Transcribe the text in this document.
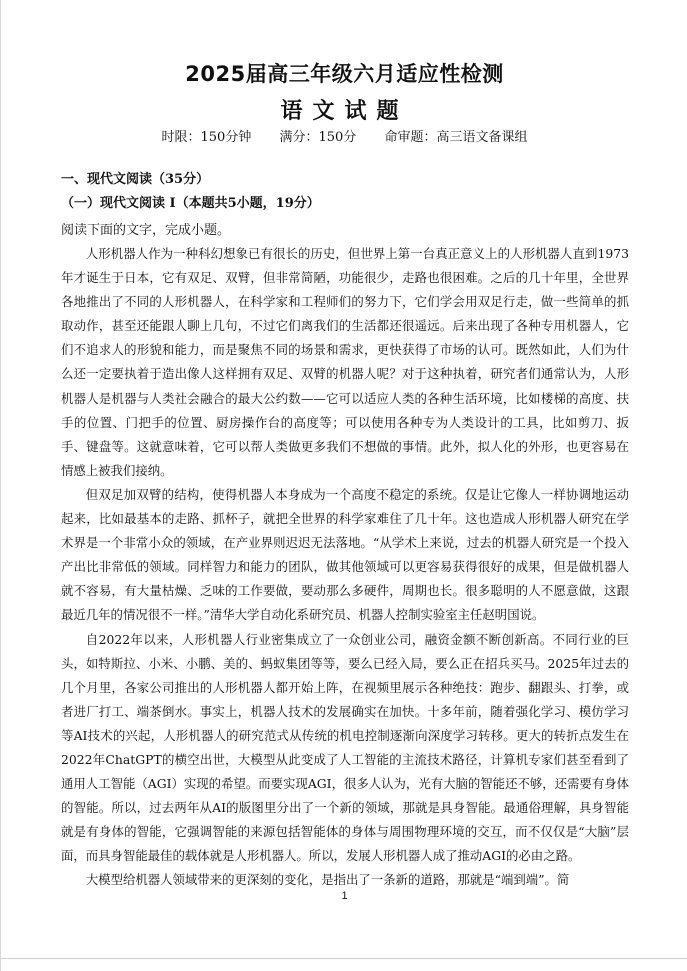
2025届高三年级六月适应性检测
语文试题
时限：150分钟 满分：150分 命审题：高三语文备课组
一、现代文阅读（35分）
（一）现代文阅读 Ⅰ（本题共5小题，19分）
阅读下面的文字，完成小题。

人形机器人作为一种科幻想象已有很长的历史，但世界上第一台真正意义上的人形机器人直到1973年才诞生于日本，它有双足、双臂，但非常简陋，功能很少，走路也很困难。之后的几十年里，全世界各地推出了不同的人形机器人，在科学家和工程师们的努力下，它们学会用双足行走，做一些简单的抓取动作，甚至还能跟人聊上几句，不过它们离我们的生活都还很遥远。后来出现了各种专用机器人，它们不追求人的形貌和能力，而是聚焦不同的场景和需求，更快获得了市场的认可。既然如此，人们为什么还一定要执着于造出像人这样拥有双足、双臂的机器人呢？对于这种执着，研究者们通常认为，人形机器人是机器与人类社会融合的最大公约数——它可以适应人类的各种生活环境，比如楼梯的高度、扶手的位置、门把手的位置、厨房操作台的高度等；可以使用各种专为人类设计的工具，比如剪刀、扳手、键盘等。这就意味着，它可以帮人类做更多我们不想做的事情。此外，拟人化的外形，也更容易在情感上被我们接纳。

但双足加双臂的结构，使得机器人本身成为一个高度不稳定的系统。仅是让它像人一样协调地运动起来，比如最基本的走路、抓杯子，就把全世界的科学家难住了几十年。这也造成人形机器人研究在学术界是一个非常小众的领域，在产业界则迟迟无法落地。“从学术上来说，过去的机器人研究是一个投入产出比非常低的领域。同样智力和能力的团队，做其他领域可以更容易获得很好的成果，但是做机器人就不容易，有大量枯燥、乏味的工作要做，要动那么多硬件，周期也长。很多聪明的人不愿意做，这跟最近几年的情况很不一样。”清华大学自动化系研究员、机器人控制实验室主任赵明国说。

自2022年以来，人形机器人行业密集成立了一众创业公司，融资金额不断创新高。不同行业的巨头，如特斯拉、小米、小鹏、美的、蚂蚁集团等等，要么已经入局，要么正在招兵买马。2025年过去的几个月里，各家公司推出的人形机器人都开始上阵，在视频里展示各种绝技：跑步、翻跟头、打拳，或者进厂打工、端茶倒水。事实上，机器人技术的发展确实在加快。十多年前，随着强化学习、模仿学习等AI技术的兴起，人形机器人的研究范式从传统的机电控制逐渐向深度学习转移。更大的转折点发生在2022年ChatGPT的横空出世，大模型从此变成了人工智能的主流技术路径，计算机专家们甚至看到了通用人工智能（AGI）实现的希望。而要实现AGI，很多人认为，光有大脑的智能还不够，还需要有身体的智能。所以，过去两年从AI的版图里分出了一个新的领域，那就是具身智能。最通俗理解，具身智能就是有身体的智能，它强调智能的来源包括智能体的身体与周围物理环境的交互，而不仅仅是“大脑”层面，而具身智能最佳的载体就是人形机器人。所以，发展人形机器人成了推动AGI的必由之路。

大模型给机器人领域带来的更深刻的变化，是指出了一条新的道路，那就是“端到端”。简

1
